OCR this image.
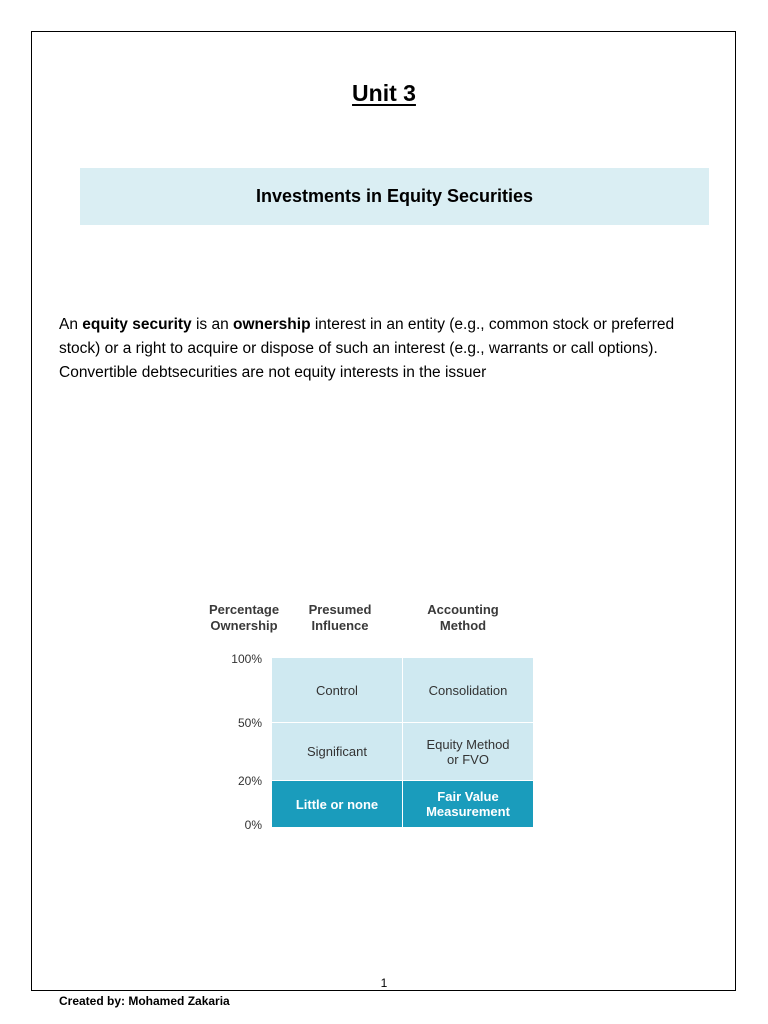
Unit 3
Investments in Equity Securities

An equity security is an ownership interest in an entity (e.g., common stock or preferred stock) or a right to acquire or dispose of such an interest (e.g., warrants or call options). Convertible debtsecurities are not equity interests in the issuer

Percentage Ownership
Presumed Influence
Accounting Method
100%
50%
20%
0%
Control	Consolidation
Significant	Equity Method or FVO
Little or none	Fair Value Measurement
1
Created by: Mohamed Zakaria
